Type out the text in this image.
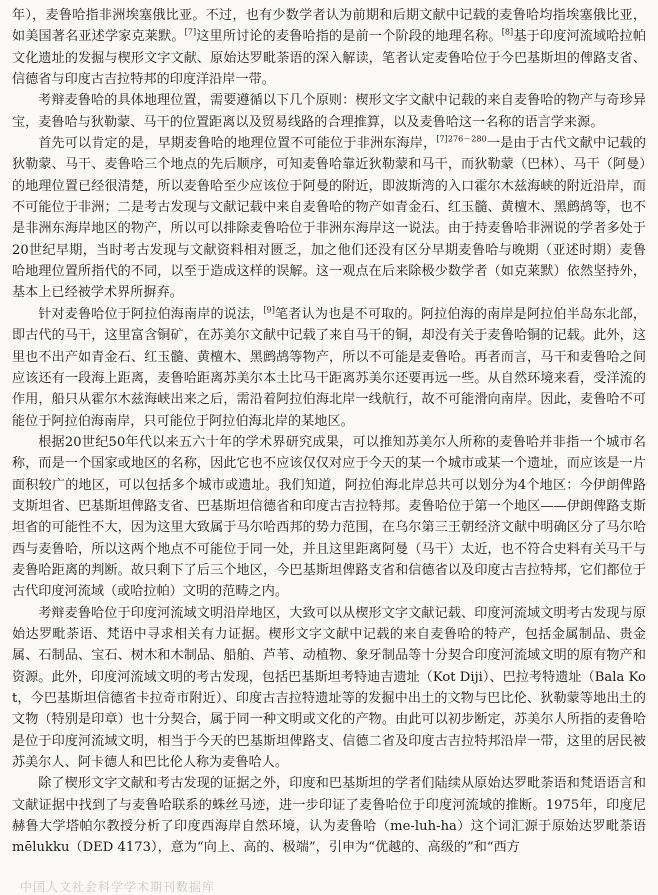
年），麦鲁哈指非洲埃塞俄比亚。不过，也有少数学者认为前期和后期文献中记载的麦鲁哈均指埃塞俄比亚，如美国著名亚述学家克莱默。[7]这里所讨论的麦鲁哈指的是前一个阶段的地理名称。[8]基于印度河流域哈拉帕文化遗址的发掘与楔形文字文献、原始达罗毗荼语的深入解读，笔者认定麦鲁哈位于今巴基斯坦的俾路支省、信德省与印度古吉拉特邦的印度洋沿岸一带。

考辩麦鲁哈的具体地理位置，需要遵循以下几个原则：楔形文字文献中记载的来自麦鲁哈的物产与奇珍异宝，麦鲁哈与狄勒蒙、马干的位置距离以及贸易线路的合理推算，以及麦鲁哈这一名称的语言学来源。

首先可以肯定的是，早期麦鲁哈的地理位置不可能位于非洲东海岸，$^{[7]276-280}$一是由于古代文献中记载的狄勒蒙、马干、麦鲁哈三个地点的先后顺序，可知麦鲁哈靠近狄勒蒙和马干，而狄勒蒙（巴林）、马干（阿曼）的地理位置已经很清楚，所以麦鲁哈至少应该位于阿曼的附近，即波斯湾的入口霍尔木兹海峡的附近沿岸，而不可能位于非洲；二是考古发现与文献记载中来自麦鲁哈的物产如青金石、红玉髓、黄檀木、黑鹧鸪等，也不是非洲东海岸地区的物产，所以可以排除麦鲁哈位于非洲东海岸这一说法。由于持麦鲁哈非洲说的学者多处于20世纪早期，当时考古发现与文献资料相对匮乏，加之他们还没有区分早期麦鲁哈与晚期（亚述时期）麦鲁哈地理位置所指代的不同，以至于造成这样的误解。这一观点在后来除极少数学者（如克莱默）依然坚持外，基本上已经被学术界所摒弃。

针对麦鲁哈位于阿拉伯海南岸的说法，[9]笔者认为也是不可取的。阿拉伯海的南岸是阿拉伯半岛东北部，即古代的马干，这里富含铜矿，在苏美尔文献中记载了来自马干的铜，却没有关于麦鲁哈铜的记载。此外，这里也不出产如青金石、红玉髓、黄檀木、黑鹧鸪等物产，所以不可能是麦鲁哈。再者而言，马干和麦鲁哈之间应该还有一段海上距离，麦鲁哈距离苏美尔本土比马干距离苏美尔还要再远一些。从自然环境来看，受洋流的作用，船只从霍尔木兹海峡出来之后，需沿着阿拉伯海北岸一线航行，故不可能滑向南岸。因此，麦鲁哈不可能位于阿拉伯海南岸，只可能位于阿拉伯海北岸的某地区。

根据20世纪50年代以来五六十年的学术界研究成果，可以推知苏美尔人所称的麦鲁哈并非指一个城市名称，而是一个国家或地区的名称，因此它也不应该仅仅对应于今天的某一个城市或某一个遗址，而应该是一片面积较广的地区，可以包括多个城市或遗址。我们知道，阿拉伯海北岸总共可以划分为4个地区：今伊朗俾路支斯坦省、巴基斯坦俾路支省、巴基斯坦信德省和印度古吉拉特邦。麦鲁哈位于第一个地区——伊朗俾路支斯坦省的可能性不大，因为这里大致属于马尔哈西邦的势力范围，在乌尔第三王朝经济文献中明确区分了马尔哈西与麦鲁哈，所以这两个地点不可能位于同一处，并且这里距离阿曼（马干）太近，也不符合史料有关马干与麦鲁哈距离的判断。故只剩下了后三个地区，今巴基斯坦俾路支省和信德省以及印度古吉拉特邦，它们都位于古代印度河流域（或哈拉帕）文明的范畴之内。

考辩麦鲁哈位于印度河流域文明沿岸地区，大致可以从楔形文字文献记载、印度河流域文明考古发现与原始达罗毗荼语、梵语中寻求相关有力证据。楔形文字文献中记载的来自麦鲁哈的特产，包括金属制品、贵金属、石制品、宝石、树木和木制品、船舶、芦苇、动植物、象牙制品等十分契合印度河流域文明的原有物产和资源。此外，印度河流域文明的考古发现，包括巴基斯坦考特迪吉遗址（Kot Diji）、巴拉考特遗址（Bala Kot，今巴基斯坦信德省卡拉奇市附近）、印度古吉拉特遗址等的发掘中出土的文物与巴比伦、狄勒蒙等地出土的文物（特别是印章）也十分契合，属于同一种文明或文化的产物。由此可以初步断定，苏美尔人所指的麦鲁哈是位于印度河流域文明，相当于今天的巴基斯坦俾路支、信德二省及印度古吉拉特邦沿岸一带，这里的居民被苏美尔人、阿卡德人和巴比伦人称为麦鲁哈人。

除了楔形文字文献和考古发现的证据之外，印度和巴基斯坦的学者们陆续从原始达罗毗荼语和梵语语言和文献证据中找到了与麦鲁哈联系的蛛丝马迹，进一步印证了麦鲁哈位于印度河流域的推断。1975年，印度尼赫鲁大学塔帕尔教授分析了印度西海岸自然环境，认为麦鲁哈（me-luh-ha）这个词汇源于原始达罗毗荼语 mēlukku（DED 4173），意为“向上、高的、极端”，引申为“优越的、高级的”和“西方

中国人文社会科学学术期刊数据库
